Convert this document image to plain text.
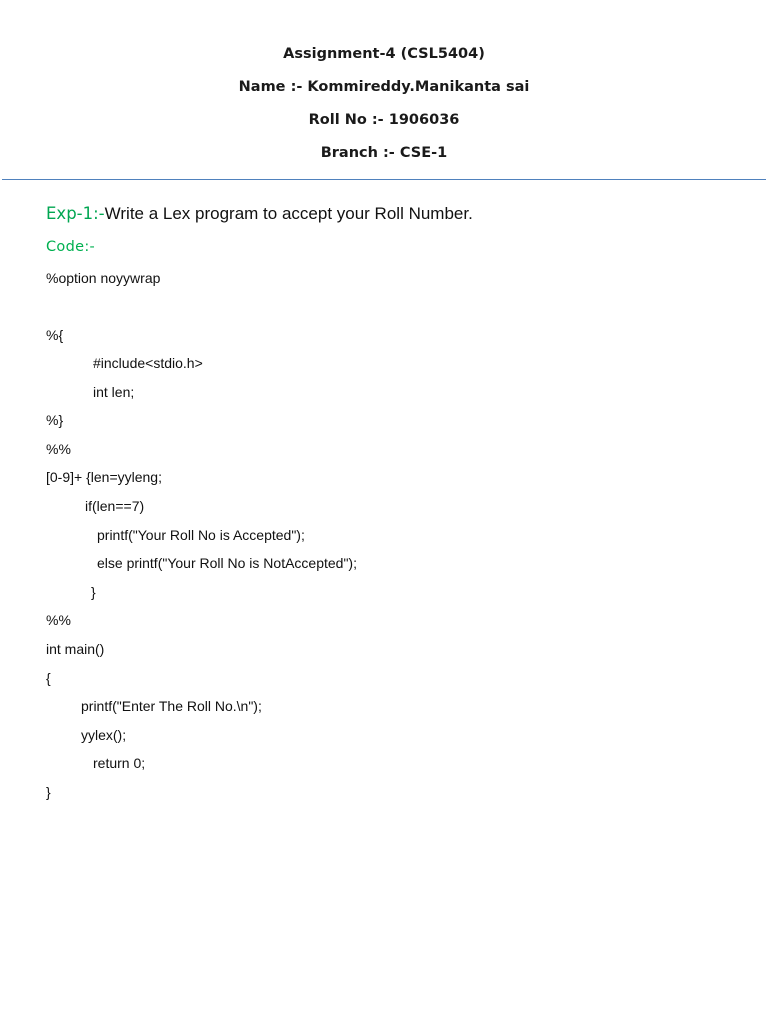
Assignment-4 (CSL5404)
Name :- Kommireddy.Manikanta sai
Roll No :- 1906036
Branch :- CSE-1
Exp-1:-Write a Lex program to accept your Roll Number.
Code:-
%option noyywrap
%{
#include<stdio.h>
int len;
%}
%%
[0-9]+ {len=yyleng;
if(len==7)
printf("Your Roll No is Accepted");
else printf("Your Roll No is NotAccepted");
}
%%
int main()
{
printf("Enter The Roll No.\n");
yylex();
return 0;
}
